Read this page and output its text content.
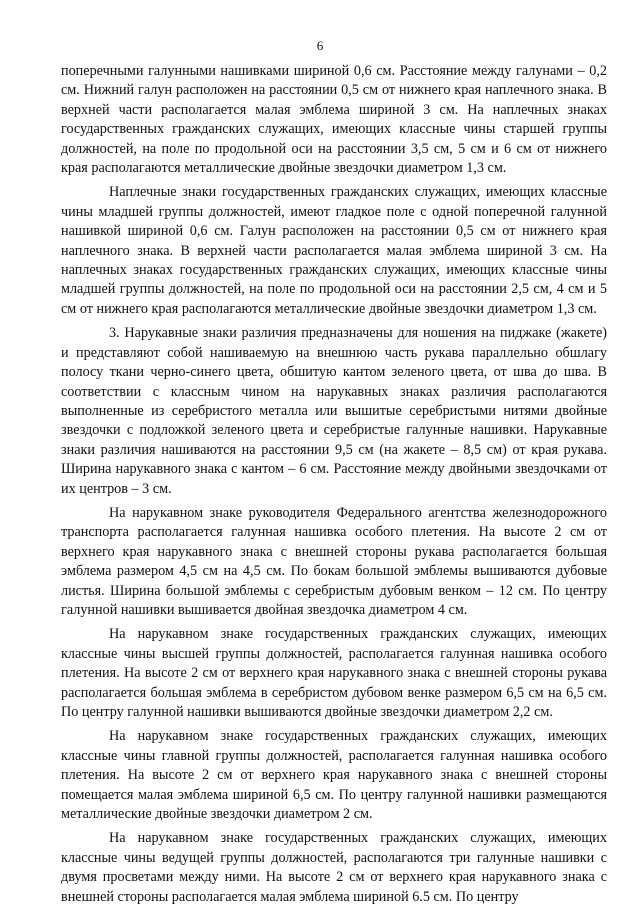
6

поперечными галунными нашивками шириной 0,6 см. Расстояние между галунами – 0,2 см. Нижний галун расположен на расстоянии 0,5 см от нижнего края наплечного знака. В верхней части располагается малая эмблема шириной 3 см. На наплечных знаках государственных гражданских служащих, имеющих классные чины старшей группы должностей, на поле по продольной оси на расстоянии 3,5 см, 5 см и 6 см от нижнего края располагаются металлические двойные звездочки диаметром 1,3 см.

Наплечные знаки государственных гражданских служащих, имеющих классные чины младшей группы должностей, имеют гладкое поле с одной поперечной галунной нашивкой шириной 0,6 см. Галун расположен на расстоянии 0,5 см от нижнего края наплечного знака. В верхней части располагается малая эмблема шириной 3 см. На наплечных знаках государственных гражданских служащих, имеющих классные чины младшей группы должностей, на поле по продольной оси на расстоянии 2,5 см, 4 см и 5 см от нижнего края располагаются металлические двойные звездочки диаметром 1,3 см.

3. Нарукавные знаки различия предназначены для ношения на пиджаке (жакете) и представляют собой нашиваемую на внешнюю часть рукава параллельно обшлагу полосу ткани черно-синего цвета, обшитую кантом зеленого цвета, от шва до шва. В соответствии с классным чином на нарукавных знаках различия располагаются выполненные из серебристого металла или вышитые серебристыми нитями двойные звездочки с подложкой зеленого цвета и серебристые галунные нашивки. Нарукавные знаки различия нашиваются на расстоянии 9,5 см (на жакете – 8,5 см) от края рукава. Ширина нарукавного знака с кантом – 6 см. Расстояние между двойными звездочками от их центров – 3 см.

На нарукавном знаке руководителя Федерального агентства железнодорожного транспорта располагается галунная нашивка особого плетения. На высоте 2 см от верхнего края нарукавного знака с внешней стороны рукава располагается большая эмблема размером 4,5 см на 4,5 см. По бокам большой эмблемы вышиваются дубовые листья. Ширина большой эмблемы с серебристым дубовым венком – 12 см. По центру галунной нашивки вышивается двойная звездочка диаметром 4 см.

На нарукавном знаке государственных гражданских служащих, имеющих классные чины высшей группы должностей, располагается галунная нашивка особого плетения. На высоте 2 см от верхнего края нарукавного знака с внешней стороны рукава располагается большая эмблема в серебристом дубовом венке размером 6,5 см на 6,5 см. По центру галунной нашивки вышиваются двойные звездочки диаметром 2,2 см.

На нарукавном знаке государственных гражданских служащих, имеющих классные чины главной группы должностей, располагается галунная нашивка особого плетения. На высоте 2 см от верхнего края нарукавного знака с внешней стороны помещается малая эмблема шириной 6,5 см. По центру галунной нашивки размещаются металлические двойные звездочки диаметром 2 см.

На нарукавном знаке государственных гражданских служащих, имеющих классные чины ведущей группы должностей, располагаются три галунные нашивки с двумя просветами между ними. На высоте 2 см от верхнего края нарукавного знака с внешней стороны располагается малая эмблема шириной 6.5 см. По центру
